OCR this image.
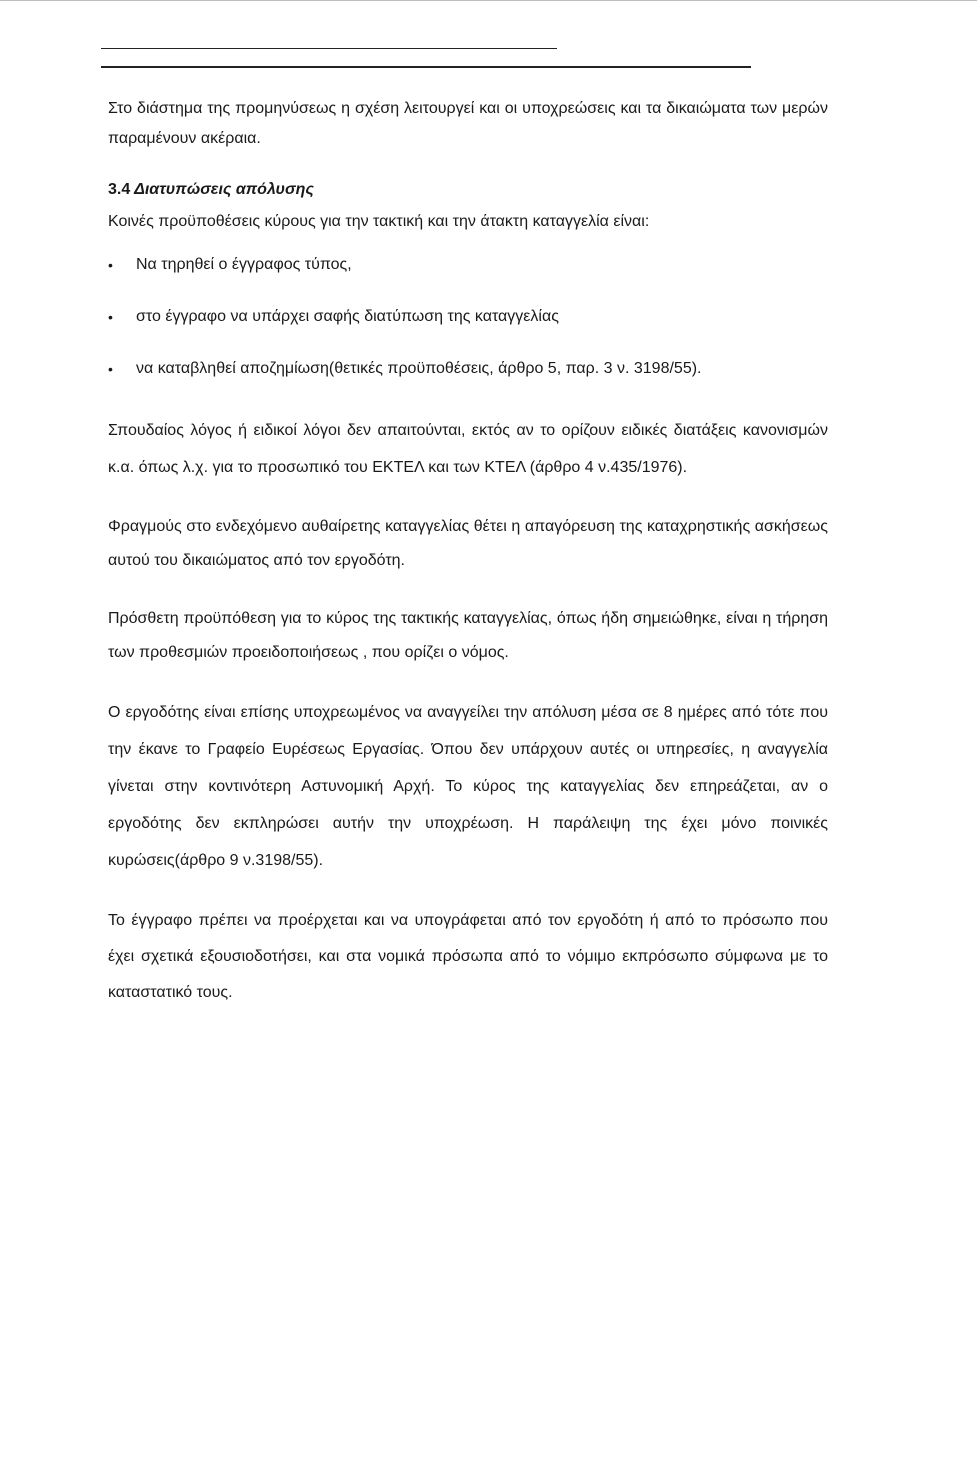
Στο διάστημα της προμηνύσεως η σχέση λειτουργεί και οι υποχρεώσεις και τα δικαιώματα των μερών παραμένουν ακέραια.

3.4 Διατυπώσεις απόλυσης

Κοινές προϋποθέσεις κύρους για την τακτική και την άτακτη καταγγελία είναι:

• Να τηρηθεί ο έγγραφος τύπος,
• στο έγγραφο να υπάρχει σαφής διατύπωση της καταγγελίας
• να καταβληθεί αποζημίωση(θετικές προϋποθέσεις, άρθρο 5, παρ. 3 ν. 3198/55).

Σπουδαίος λόγος ή ειδικοί λόγοι δεν απαιτούνται, εκτός αν το ορίζουν ειδικές διατάξεις κανονισμών κ.α. όπως λ.χ. για το προσωπικό του ΕΚΤΕΛ και των ΚΤΕΛ (άρθρο 4 ν.435/1976).

Φραγμούς στο ενδεχόμενο αυθαίρετης καταγγελίας θέτει η απαγόρευση της καταχρηστικής ασκήσεως αυτού του δικαιώματος από τον εργοδότη.

Πρόσθετη προϋπόθεση για το κύρος της τακτικής καταγγελίας, όπως ήδη σημειώθηκε, είναι η τήρηση των προθεσμιών προειδοποιήσεως , που ορίζει ο νόμος.

Ο εργοδότης είναι επίσης υποχρεωμένος να αναγγείλει την απόλυση μέσα σε 8 ημέρες από τότε που την έκανε το Γραφείο Ευρέσεως Εργασίας. Όπου δεν υπάρχουν αυτές οι υπηρεσίες, η αναγγελία γίνεται στην κοντινότερη Αστυνομική Αρχή. Το κύρος της καταγγελίας δεν επηρεάζεται, αν ο εργοδότης δεν εκπληρώσει αυτήν την υποχρέωση. Η παράλειψη της έχει μόνο ποινικές κυρώσεις(άρθρο 9 ν.3198/55).

Το έγγραφο πρέπει να προέρχεται και να υπογράφεται από τον εργοδότη ή από το πρόσωπο που έχει σχετικά εξουσιοδοτήσει, και στα νομικά πρόσωπα από το νόμιμο εκπρόσωπο σύμφωνα με το καταστατικό τους.
